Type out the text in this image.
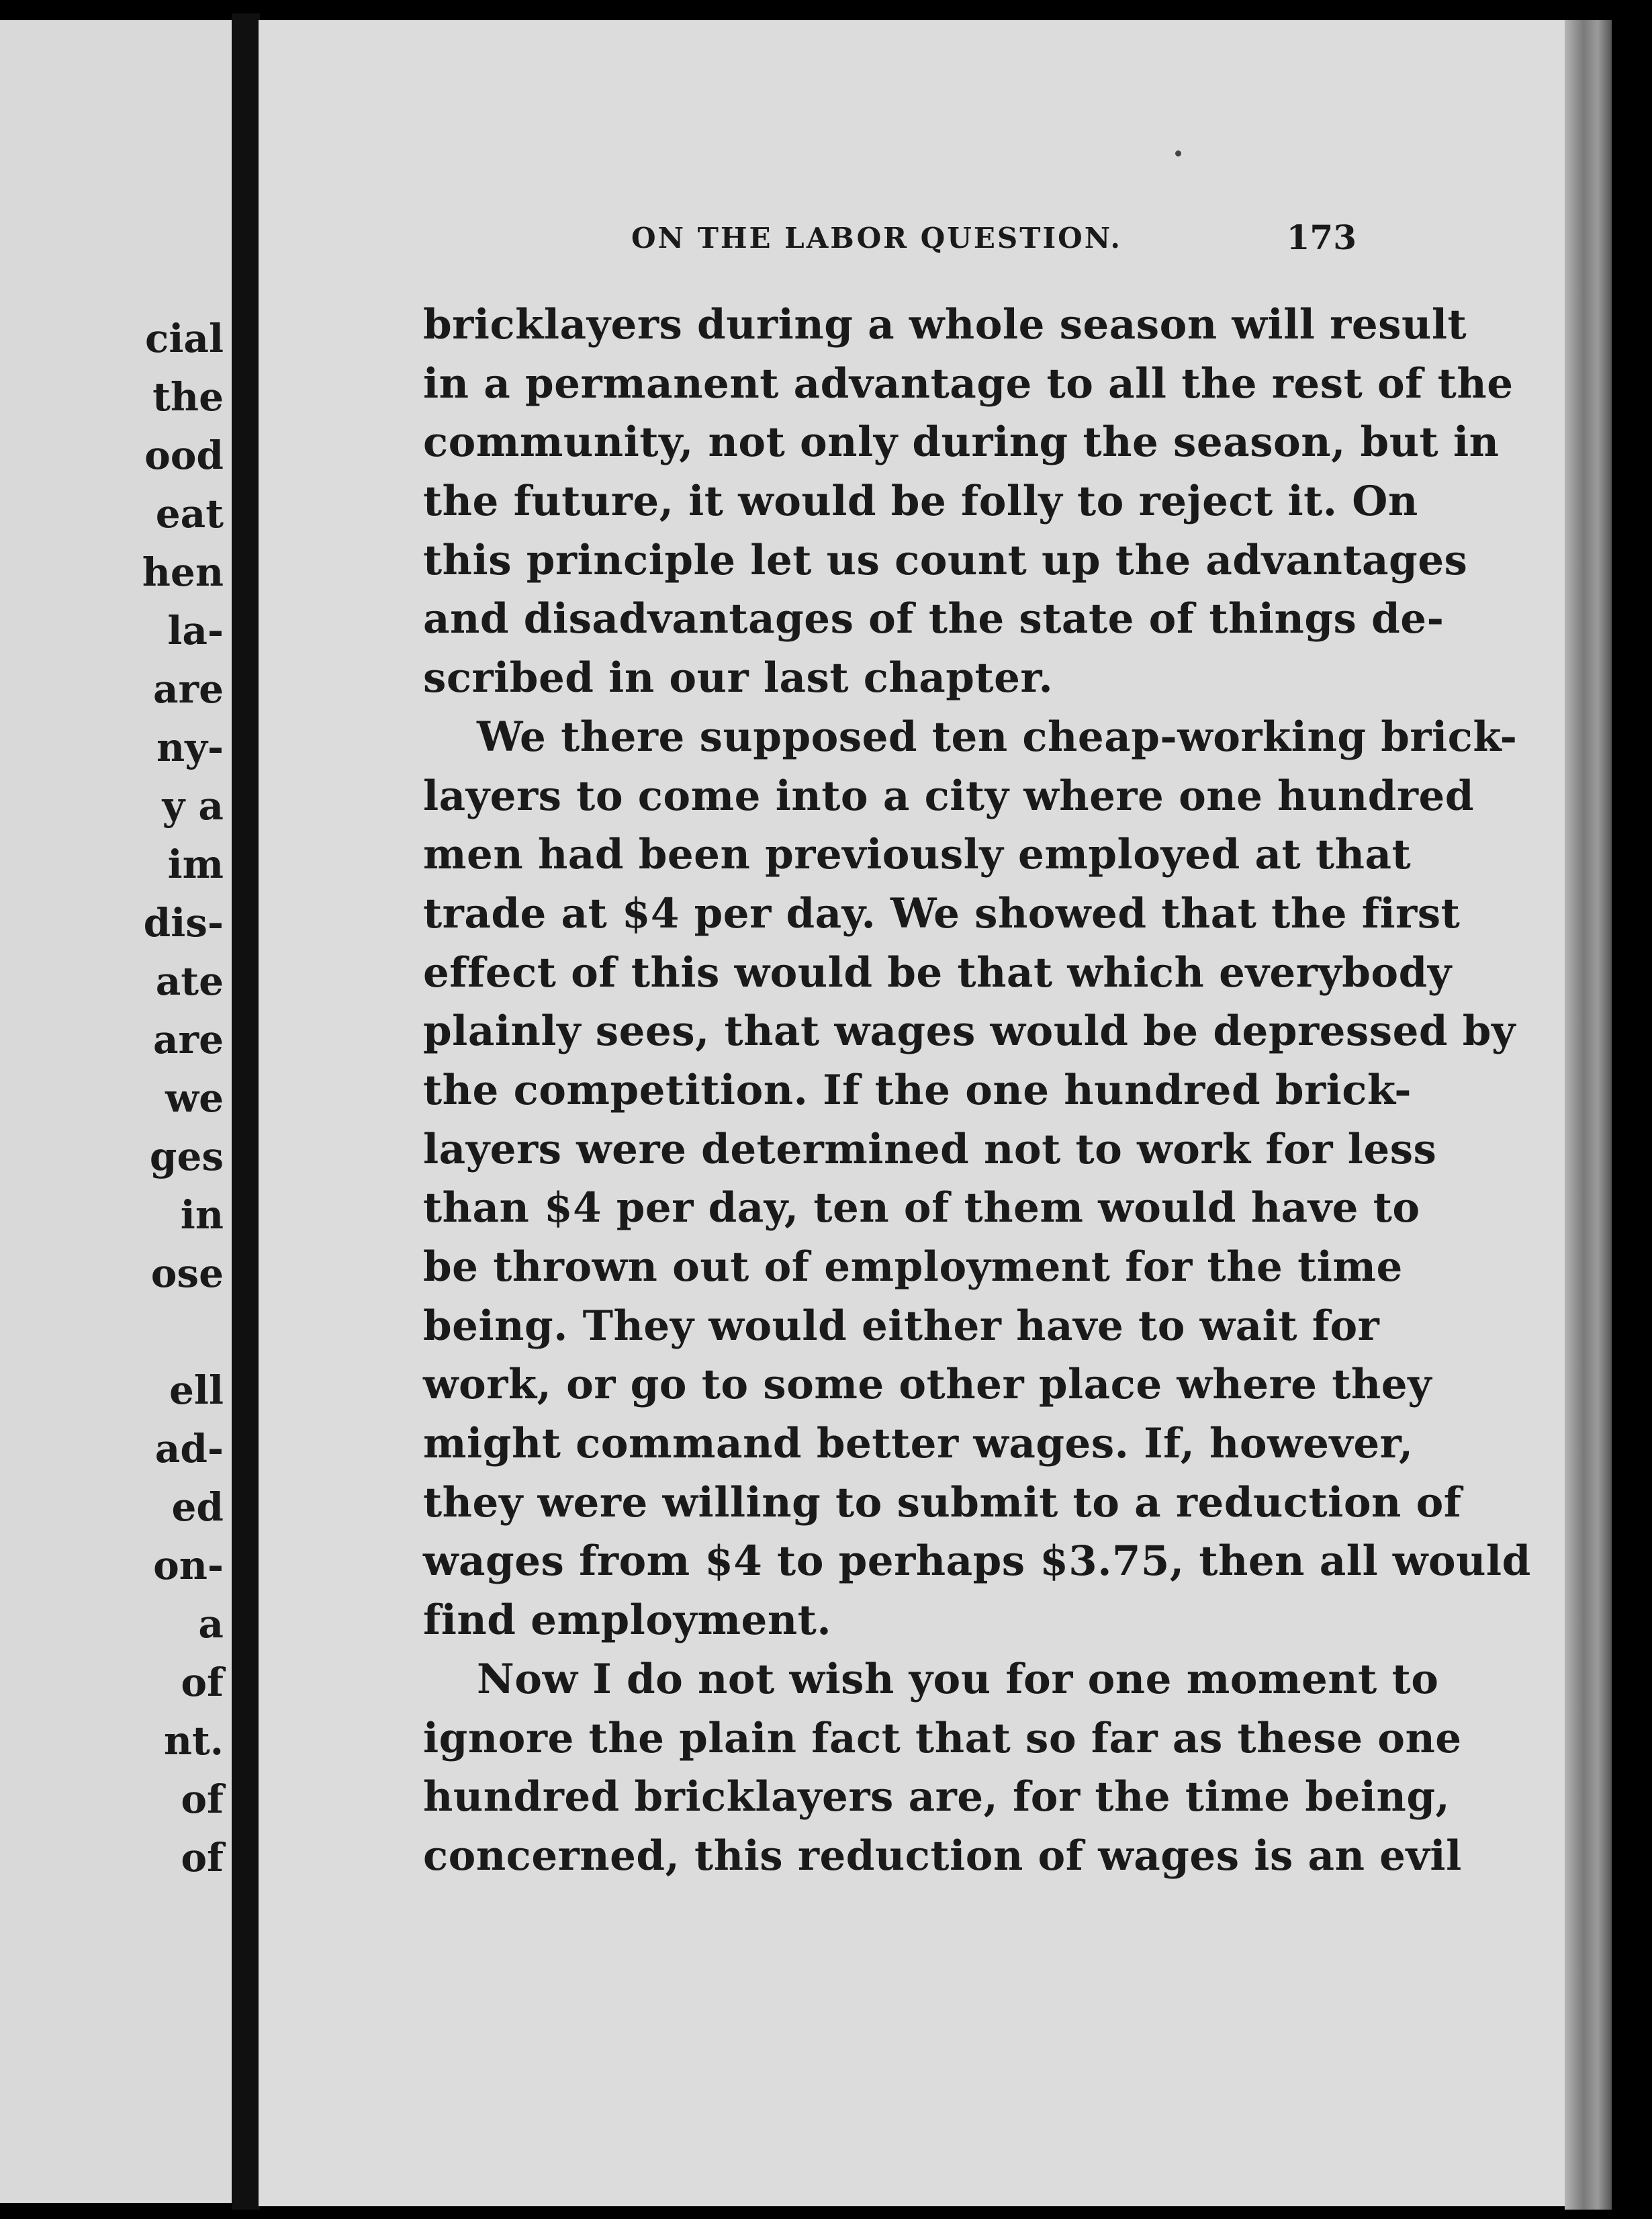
cial

the

ood

eat

hen

la-

are

ny-

y a

im

dis-

ate

are

we

ges

in

ose

ell

ad-

ed

on-

a

of

nt.

of

of

ON THE LABOR QUESTION.	173
bricklayers during a whole season will result
in a permanent advantage to all the rest of the
community, not only during the season, but in
the future, it would be folly to reject it. On
this principle let us count up the advantages
and disadvantages of the state of things de-
scribed in our last chapter.
We there supposed ten cheap-working brick-
layers to come into a city where one hundred
men had been previously employed at that
trade at $4 per day. We showed that the first
effect of this would be that which everybody
plainly sees, that wages would be depressed by
the competition. If the one hundred brick-
layers were determined not to work for less
than $4 per day, ten of them would have to
be thrown out of employment for the time
being. They would either have to wait for
work, or go to some other place where they
might command better wages. If, however,
they were willing to submit to a reduction of
wages from $4 to perhaps $3.75, then all would
find employment.
Now I do not wish you for one moment to
ignore the plain fact that so far as these one
hundred bricklayers are, for the time being,
concerned, this reduction of wages is an evil
